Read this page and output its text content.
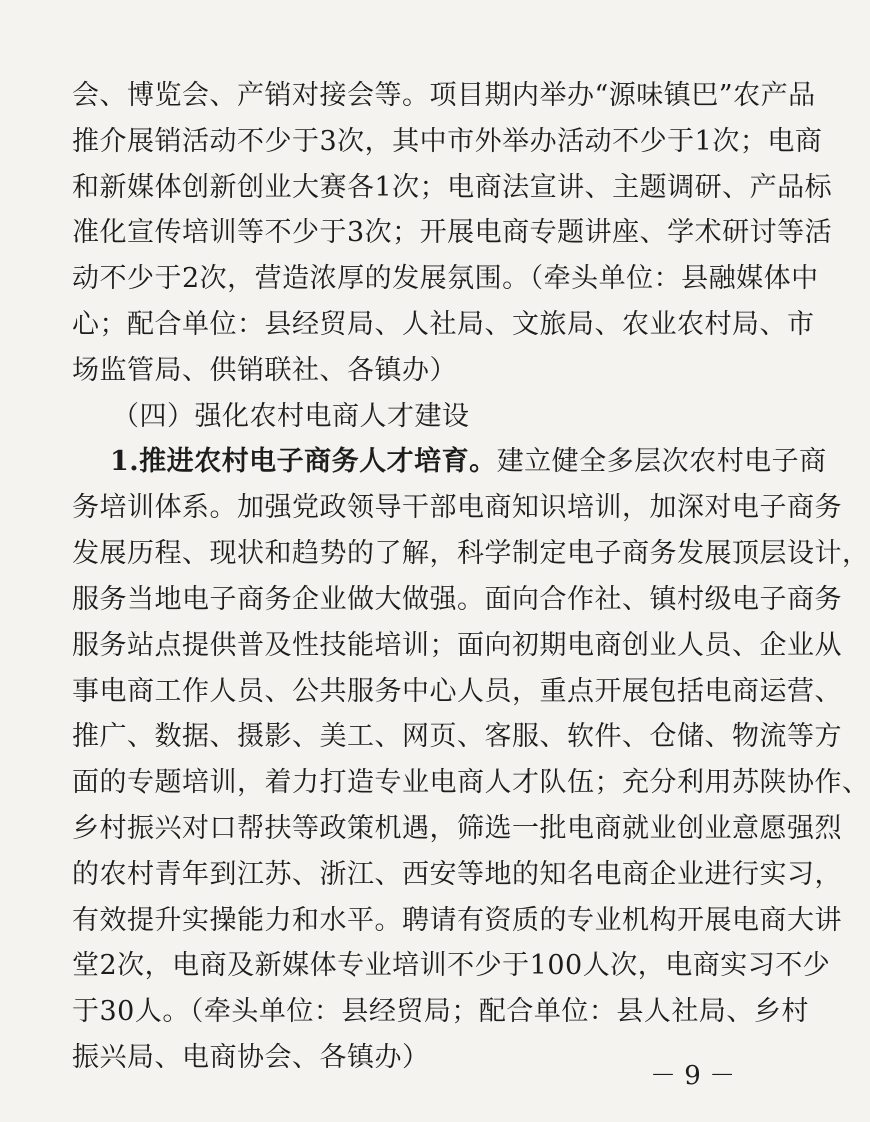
会、博览会、产销对接会等。项目期内举办“源味镇巴”农产品
推介展销活动不少于3次，其中市外举办活动不少于1次；电商
和新媒体创新创业大赛各1次；电商法宣讲、主题调研、产品标
准化宣传培训等不少于3次；开展电商专题讲座、学术研讨等活
动不少于2次，营造浓厚的发展氛围。（牵头单位：县融媒体中
心；配合单位：县经贸局、人社局、文旅局、农业农村局、市
场监管局、供销联社、各镇办）
（四）强化农村电商人才建设
1.推进农村电子商务人才培育。建立健全多层次农村电子商
务培训体系。加强党政领导干部电商知识培训，加深对电子商务
发展历程、现状和趋势的了解，科学制定电子商务发展顶层设计，
服务当地电子商务企业做大做强。面向合作社、镇村级电子商务
服务站点提供普及性技能培训；面向初期电商创业人员、企业从
事电商工作人员、公共服务中心人员，重点开展包括电商运营、
推广、数据、摄影、美工、网页、客服、软件、仓储、物流等方
面的专题培训，着力打造专业电商人才队伍；充分利用苏陕协作、
乡村振兴对口帮扶等政策机遇，筛选一批电商就业创业意愿强烈
的农村青年到江苏、浙江、西安等地的知名电商企业进行实习，
有效提升实操能力和水平。聘请有资质的专业机构开展电商大讲
堂2次，电商及新媒体专业培训不少于100人次，电商实习不少
于30人。（牵头单位：县经贸局；配合单位：县人社局、乡村
振兴局、电商协会、各镇办）
－ 9 －
